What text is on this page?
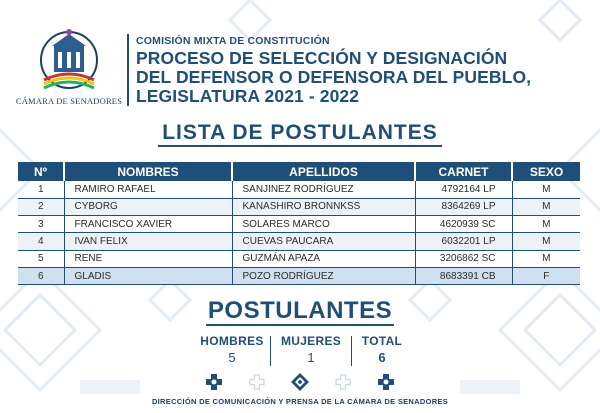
CÁMARA DE SENADORES
COMISIÓN MIXTA DE CONSTITUCIÓN
PROCESO DE SELECCIÓN Y DESIGNACIÓN
DEL DEFENSOR O DEFENSORA DEL PUEBLO,
LEGISLATURA 2021 - 2022
LISTA DE POSTULANTES
Nº	NOMBRES	APELLIDOS	CARNET	SEXO
1	RAMIRO RAFAEL	SANJINEZ RODRÍGUEZ	4792164 LP	M
2	CYBORG	KANASHIRO BRONNKSS	8364269 LP	M
3	FRANCISCO XAVIER	SOLARES MARCO	4620939 SC	M
4	IVAN FELIX	CUEVAS PAUCARA	6032201 LP	M
5	RENE	GUZMÁN APAZA	3206862 SC	M
6	GLADIS	POZO RODRÍGUEZ	8683391 CB	F
POSTULANTES
HOMBRES
5
MUJERES
1
TOTAL
6
DIRECCIÓN DE COMUNICACIÓN Y PRENSA DE LA CÁMARA DE SENADORES
